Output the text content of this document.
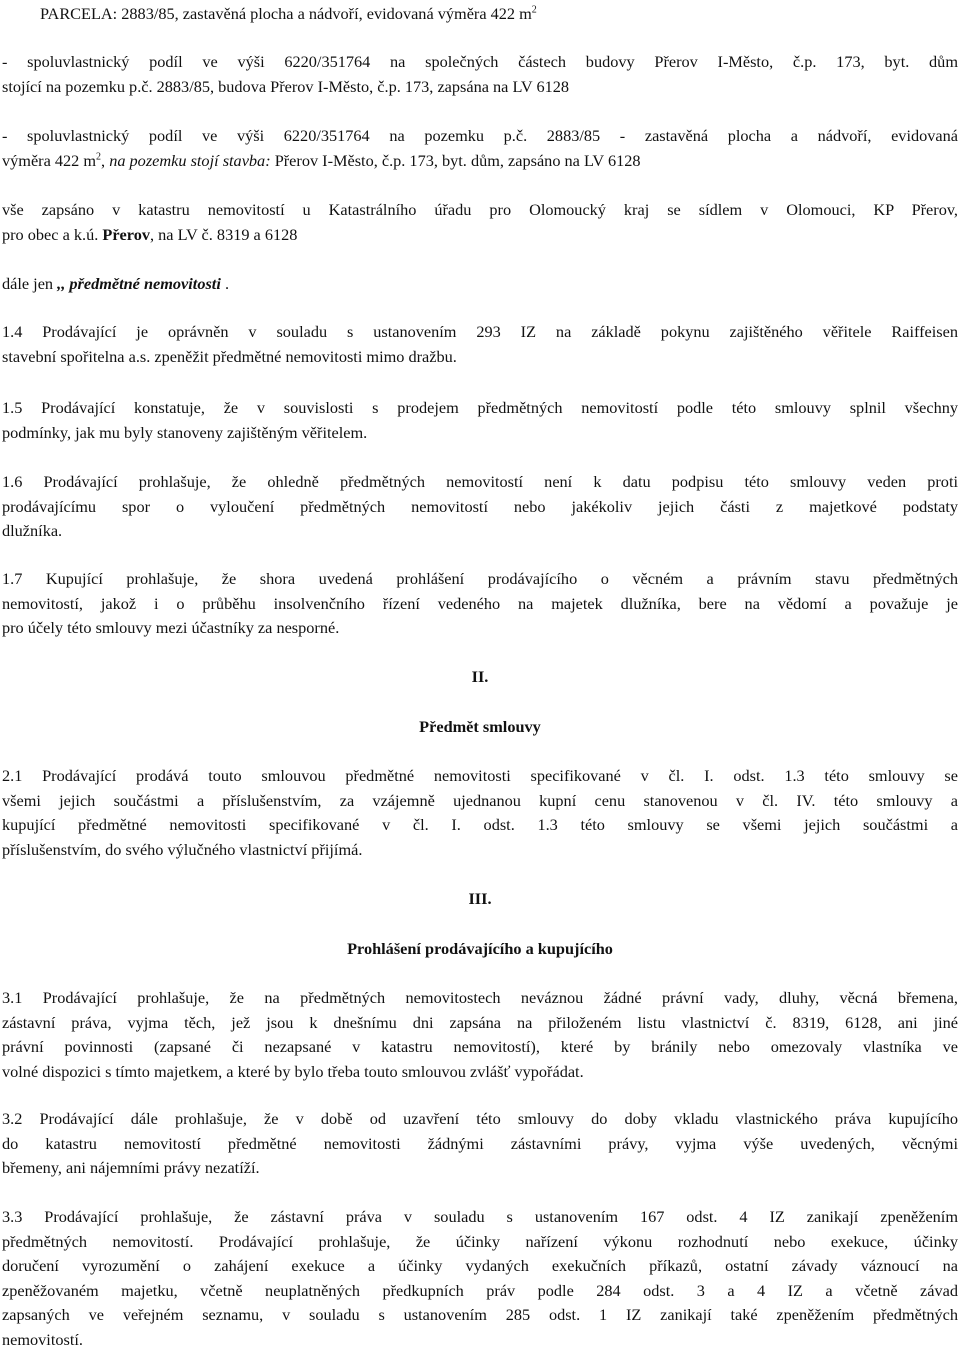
PARCELA: 2883/85, zastavěná plocha a nádvoří, evidovaná výměra 422 $m^2$
- spoluvlastnický podíl ve výši 6220/351764 na společných částech budovy Přerov I-Město, č.p. 173, byt. dům
stojící na pozemku p.č. 2883/85, budova Přerov I-Město, č.p. 173, zapsána na LV 6128
- spoluvlastnický podíl ve výši 6220/351764 na pozemku p.č. 2883/85 - zastavěná plocha a nádvoří, evidovaná
výměra 422 $m^2$, na pozemku stojí stavba: Přerov I-Město, č.p. 173, byt. dům, zapsáno na LV 6128
vše zapsáno v katastru nemovitostí u Katastrálního úřadu pro Olomoucký kraj se sídlem v Olomouci, KP Přerov,
pro obec a k.ú. Přerov, na LV č. 8319 a 6128
dále jen ,, předmětné nemovitosti .
1.4 Prodávající je oprávněn v souladu s ustanovením 293 IZ na základě pokynu zajištěného věřitele Raiffeisen
stavební spořitelna a.s. zpeněžit předmětné nemovitosti mimo dražbu.
1.5 Prodávající konstatuje, že v souvislosti s prodejem předmětných nemovitostí podle této smlouvy splnil všechny
podmínky, jak mu byly stanoveny zajištěným věřitelem.
1.6 Prodávající prohlašuje, že ohledně předmětných nemovitostí není k datu podpisu této smlouvy veden proti
prodávajícímu spor o vyloučení předmětných nemovitostí nebo jakékoliv jejich části z majetkové podstaty
dlužníka.
1.7 Kupující prohlašuje, že shora uvedená prohlášení prodávajícího o věcném a právním stavu předmětných
nemovitostí, jakož i o průběhu insolvenčního řízení vedeného na majetek dlužníka, bere na vědomí a považuje je
pro účely této smlouvy mezi účastníky za nesporné.
II.
Předmět smlouvy
2.1 Prodávající prodává touto smlouvou předmětné nemovitosti specifikované v čl. I. odst. 1.3 této smlouvy se
všemi jejich součástmi a příslušenstvím, za vzájemně ujednanou kupní cenu stanovenou v čl. IV. této smlouvy a
kupující předmětné nemovitosti specifikované v čl. I. odst. 1.3 této smlouvy se všemi jejich součástmi a
příslušenstvím, do svého výlučného vlastnictví přijímá.
III.
Prohlášení prodávajícího a kupujícího
3.1 Prodávající prohlašuje, že na předmětných nemovitostech neváznou žádné právní vady, dluhy, věcná břemena,
zástavní práva, vyjma těch, jež jsou k dnešnímu dni zapsána na přiloženém listu vlastnictví č. 8319, 6128, ani jiné
právní povinnosti (zapsané či nezapsané v katastru nemovitostí), které by bránily nebo omezovaly vlastníka ve
volné dispozici s tímto majetkem, a které by bylo třeba touto smlouvou zvlášť vypořádat.
3.2 Prodávající dále prohlašuje, že v době od uzavření této smlouvy do doby vkladu vlastnického práva kupujícího
do katastru nemovitostí předmětné nemovitosti žádnými zástavními právy, vyjma výše uvedených, věcnými
břemeny, ani nájemními právy nezatíží.
3.3 Prodávající prohlašuje, že zástavní práva v souladu s ustanovením 167 odst. 4 IZ zanikají zpeněžením
předmětných nemovitostí. Prodávající prohlašuje, že účinky nařízení výkonu rozhodnutí nebo exekuce, účinky
doručení vyrozumění o zahájení exekuce a účinky vydaných exekučních příkazů, ostatní závady váznoucí na
zpeněžovaném majetku, včetně neuplatněných předkupních práv podle 284 odst. 3 a 4 IZ a včetně závad
zapsaných ve veřejném seznamu, v souladu s ustanovením 285 odst. 1 IZ zanikají také zpeněžením předmětných
nemovitostí.
